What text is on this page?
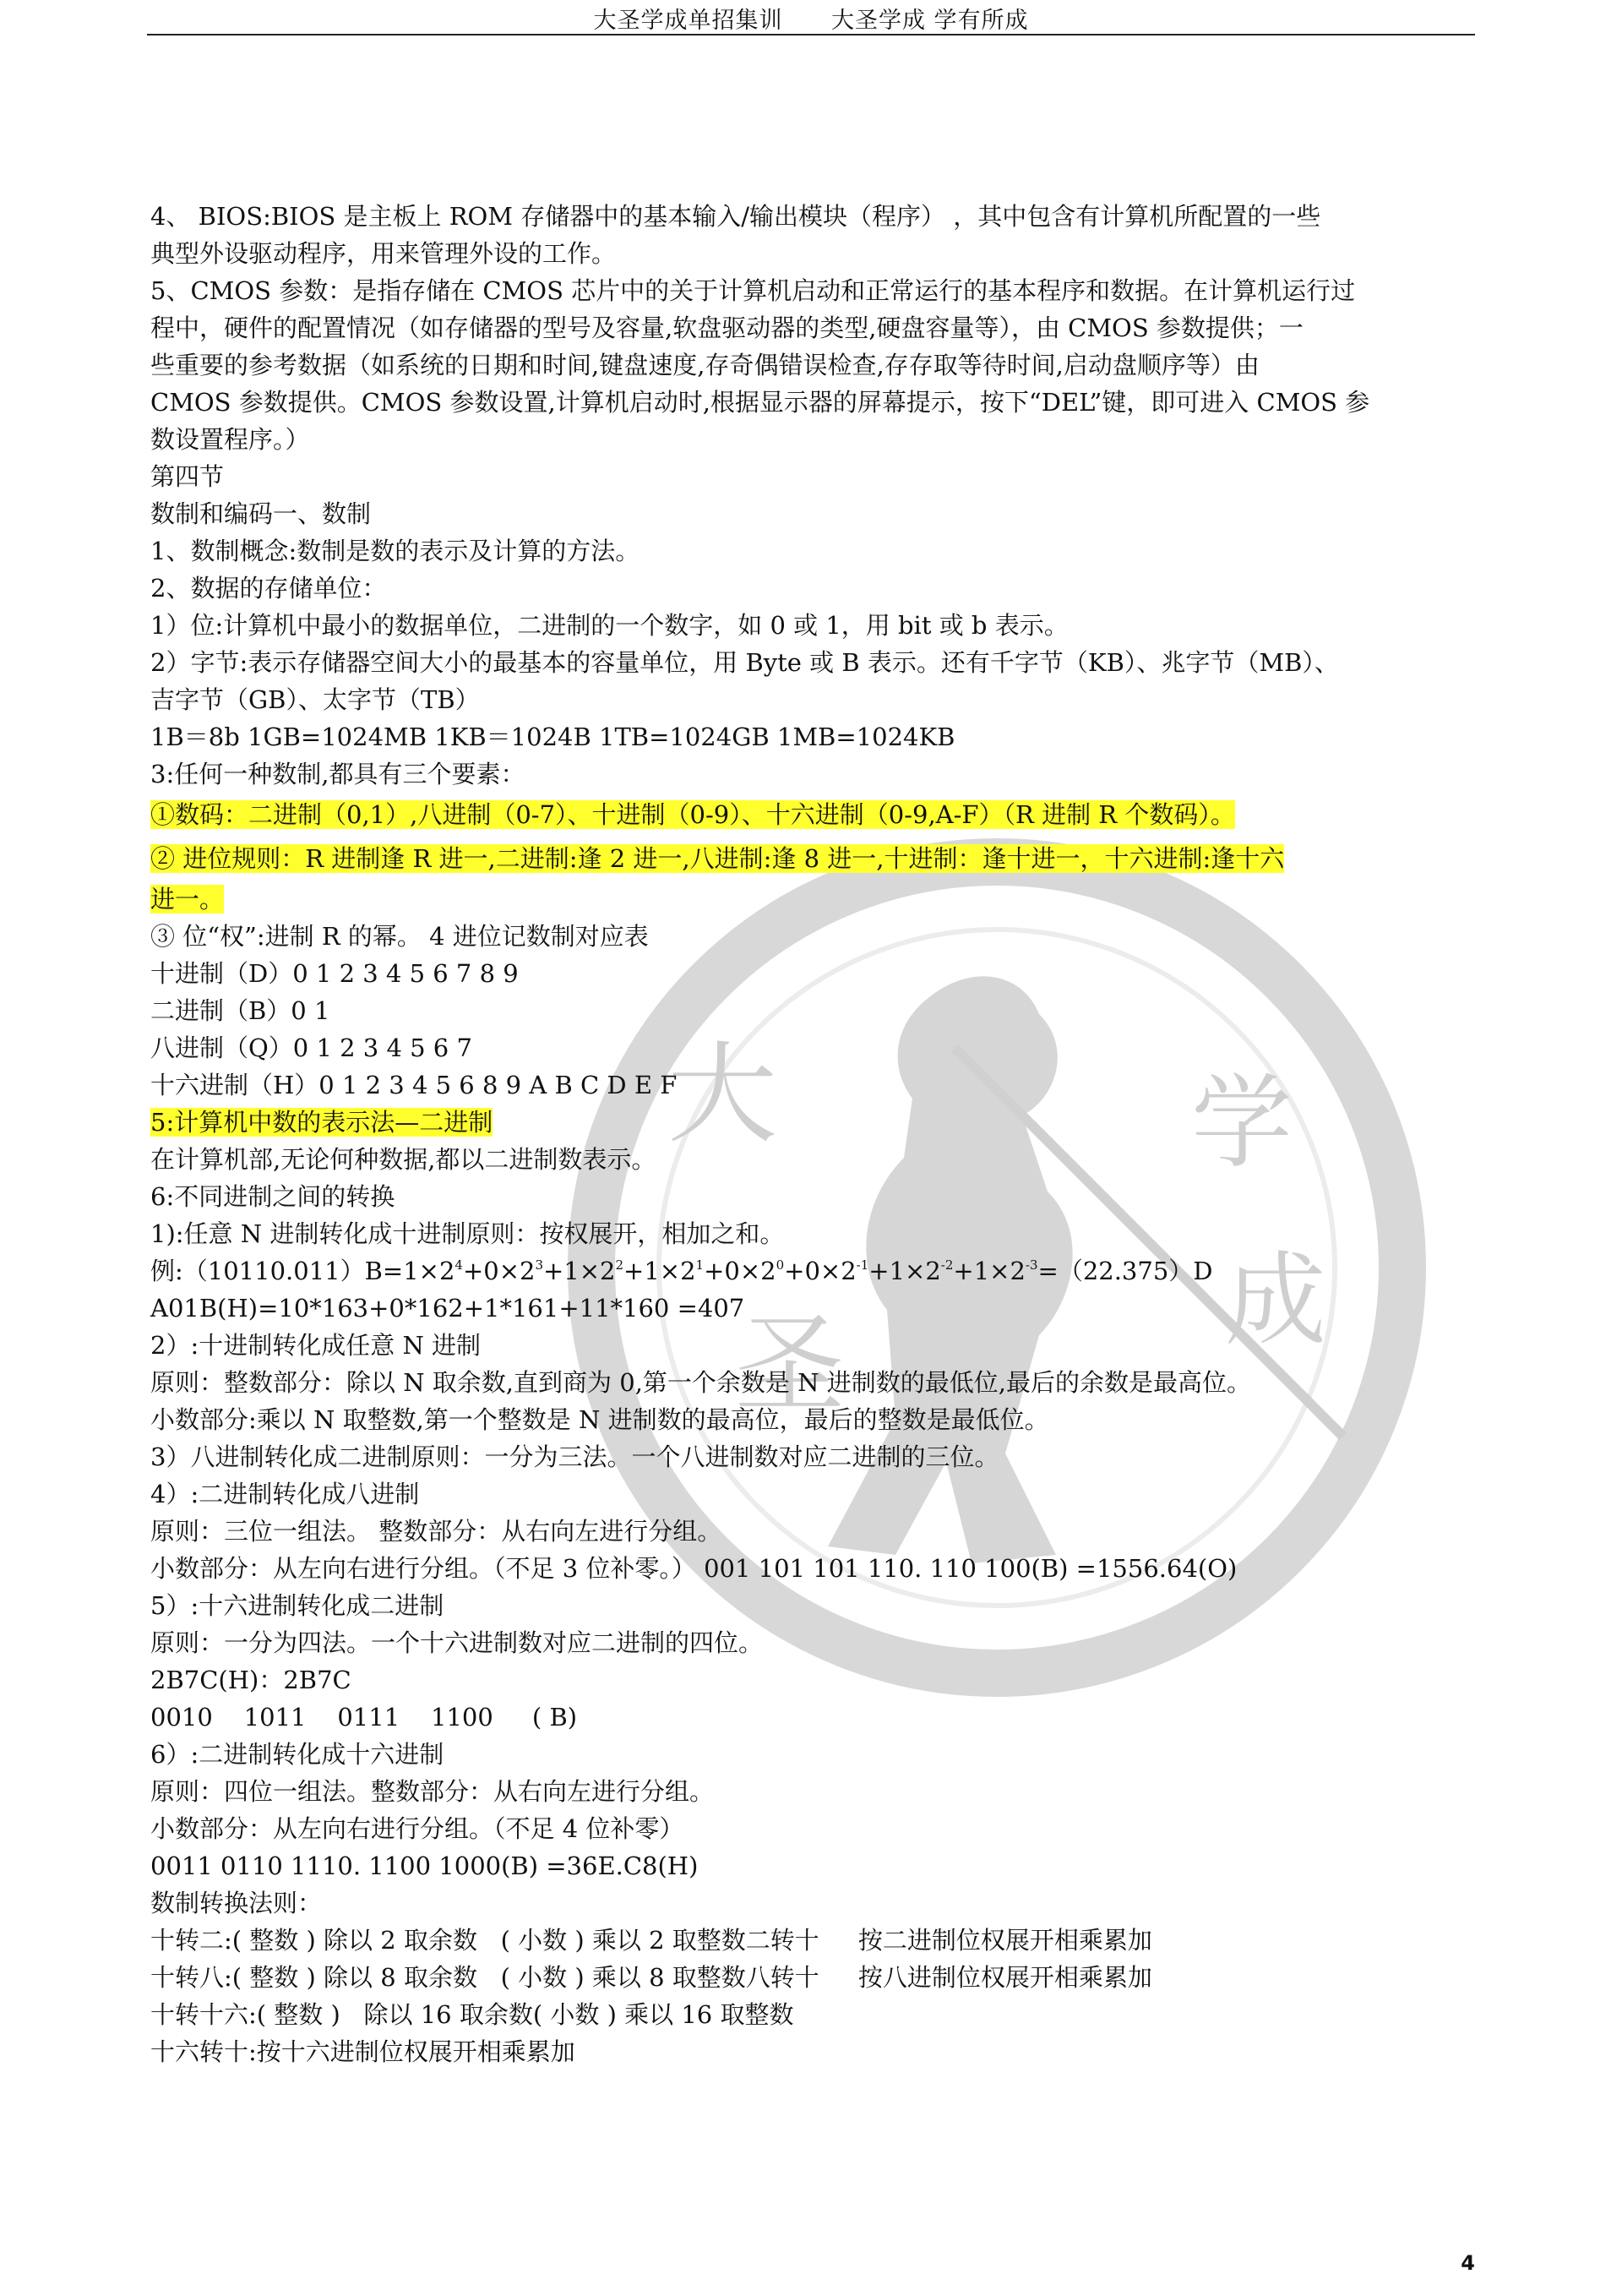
大圣学成单招集训 大圣学成 学有所成
大
圣
学
成
4、 BIOS:BIOS 是主板上 ROM 存储器中的基本输入/输出模块（程序） ，其中包含有计算机所配置的一些
典型外设驱动程序，用来管理外设的工作。
5、CMOS 参数：是指存储在 CMOS 芯片中的关于计算机启动和正常运行的基本程序和数据。在计算机运行过
程中，硬件的配置情况（如存储器的型号及容量,软盘驱动器的类型,硬盘容量等），由 CMOS 参数提供；一
些重要的参考数据（如系统的日期和时间,键盘速度,存奇偶错误检查,存存取等待时间,启动盘顺序等）由
CMOS 参数提供。CMOS 参数设置,计算机启动时,根据显示器的屏幕提示，按下“DEL”键，即可进入 CMOS 参
数设置程序。）
第四节
数制和编码一、数制
1、数制概念:数制是数的表示及计算的方法。
2、数据的存储单位：
1）位:计算机中最小的数据单位，二进制的一个数字，如 0 或 1，用 bit 或 b 表示。
2）字节:表示存储器空间大小的最基本的容量单位，用 Byte 或 B 表示。还有千字节（KB）、兆字节（MB）、
吉字节（GB）、太字节（TB）
1B＝8b 1GB=1024MB 1KB＝1024B 1TB=1024GB 1MB=1024KB
3:任何一种数制,都具有三个要素：
①数码：二进制（0,1）,八进制（0-7）、十进制（0-9）、十六进制（0-9,A-F）（R 进制 R 个数码）。
② 进位规则：R 进制逢 R 进一,二进制:逢 2 进一,八进制:逢 8 进一,十进制：逢十进一，十六进制:逢十六
进一。
③ 位“权”:进制 R 的幂。 4 进位记数制对应表
十进制（D）0 1 2 3 4 5 6 7 8 9
二进制（B）0 1
八进制（Q）0 1 2 3 4 5 6 7
十六进制（H）0 1 2 3 4 5 6 8 9 A B C D E F
5:计算机中数的表示法—二进制
在计算机部,无论何种数据,都以二进制数表示。
6:不同进制之间的转换
1):任意 N 进制转化成十进制原则：按权展开，相加之和。
例$:(10110.011)B=1\times 2^4+0\times 2^3+1\times 2^2+1\times 2^1+0\times 2^0+0\times 2^{-1}+1\times 2^{-2}+1\times 2^{-3}=(22.375)D$
A01B(H)=10*163+0*162+1*161+11*160 =407
2）:十进制转化成任意 N 进制
原则：整数部分：除以 N 取余数,直到商为 0,第一个余数是 N 进制数的最低位,最后的余数是最高位。
小数部分:乘以 N 取整数,第一个整数是 N 进制数的最高位，最后的整数是最低位。
3）八进制转化成二进制原则：一分为三法。一个八进制数对应二进制的三位。
4）:二进制转化成八进制
原则：三位一组法。 整数部分：从右向左进行分组。
小数部分：从左向右进行分组。（不足 3 位补零。） 001 101 101 110. 110 100(B) =1556.64(O)
5）:十六进制转化成二进制
原则：一分为四法。一个十六进制数对应二进制的四位。
2B7C(H)：2B7C
0010    1011    0111    1100     ( B)
6）:二进制转化成十六进制
原则：四位一组法。整数部分：从右向左进行分组。
小数部分：从左向右进行分组。（不足 4 位补零）
0011 0110 1110. 1100 1000(B) =36E.C8(H)
数制转换法则：
十转二:( 整数 ) 除以 2 取余数   ( 小数 ) 乘以 2 取整数二转十     按二进制位权展开相乘累加
十转八:( 整数 ) 除以 8 取余数   ( 小数 ) 乘以 8 取整数八转十     按八进制位权展开相乘累加
十转十六:( 整数 )   除以 16 取余数( 小数 ) 乘以 16 取整数
十六转十:按十六进制位权展开相乘累加
4
